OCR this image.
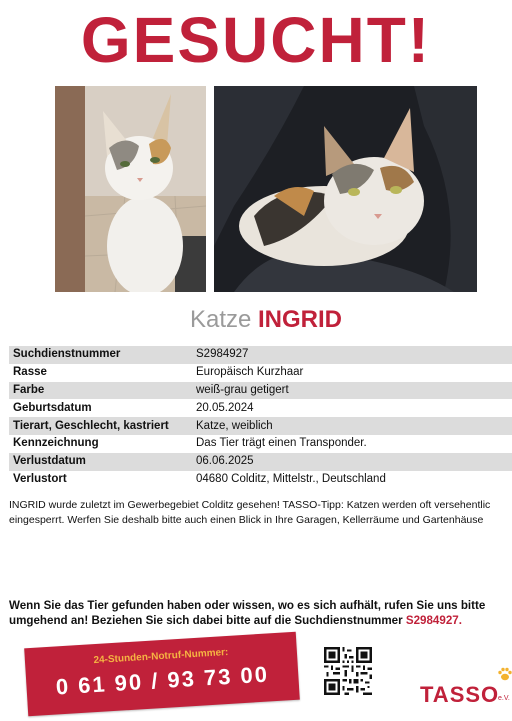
GESUCHT!
Katze INGRID
Suchdienstnummer	S2984927
Rasse	Europäisch Kurzhaar
Farbe	weiß-grau getigert
Geburtsdatum	20.05.2024
Tierart, Geschlecht, kastriert	Katze, weiblich
Kennzeichnung	Das Tier trägt einen Transponder.
Verlustdatum	06.06.2025
Verlustort	04680 Colditz, Mittelstr., Deutschland
INGRID wurde zuletzt im Gewerbegebiet Colditz gesehen! TASSO-Tipp: Katzen werden oft versehentlic
eingesperrt. Werfen Sie deshalb bitte auch einen Blick in Ihre Garagen, Kellerräume und Gartenhäuse
Wenn Sie das Tier gefunden haben oder wissen, wo es sich aufhält, rufen Sie uns bitte
umgehend an! Beziehen Sie sich dabei bitte auf die Suchdienstnummer S2984927.
24-Stunden-Notruf-Nummer:
0 61 90 / 93 73 00	TASSO
e.V.
